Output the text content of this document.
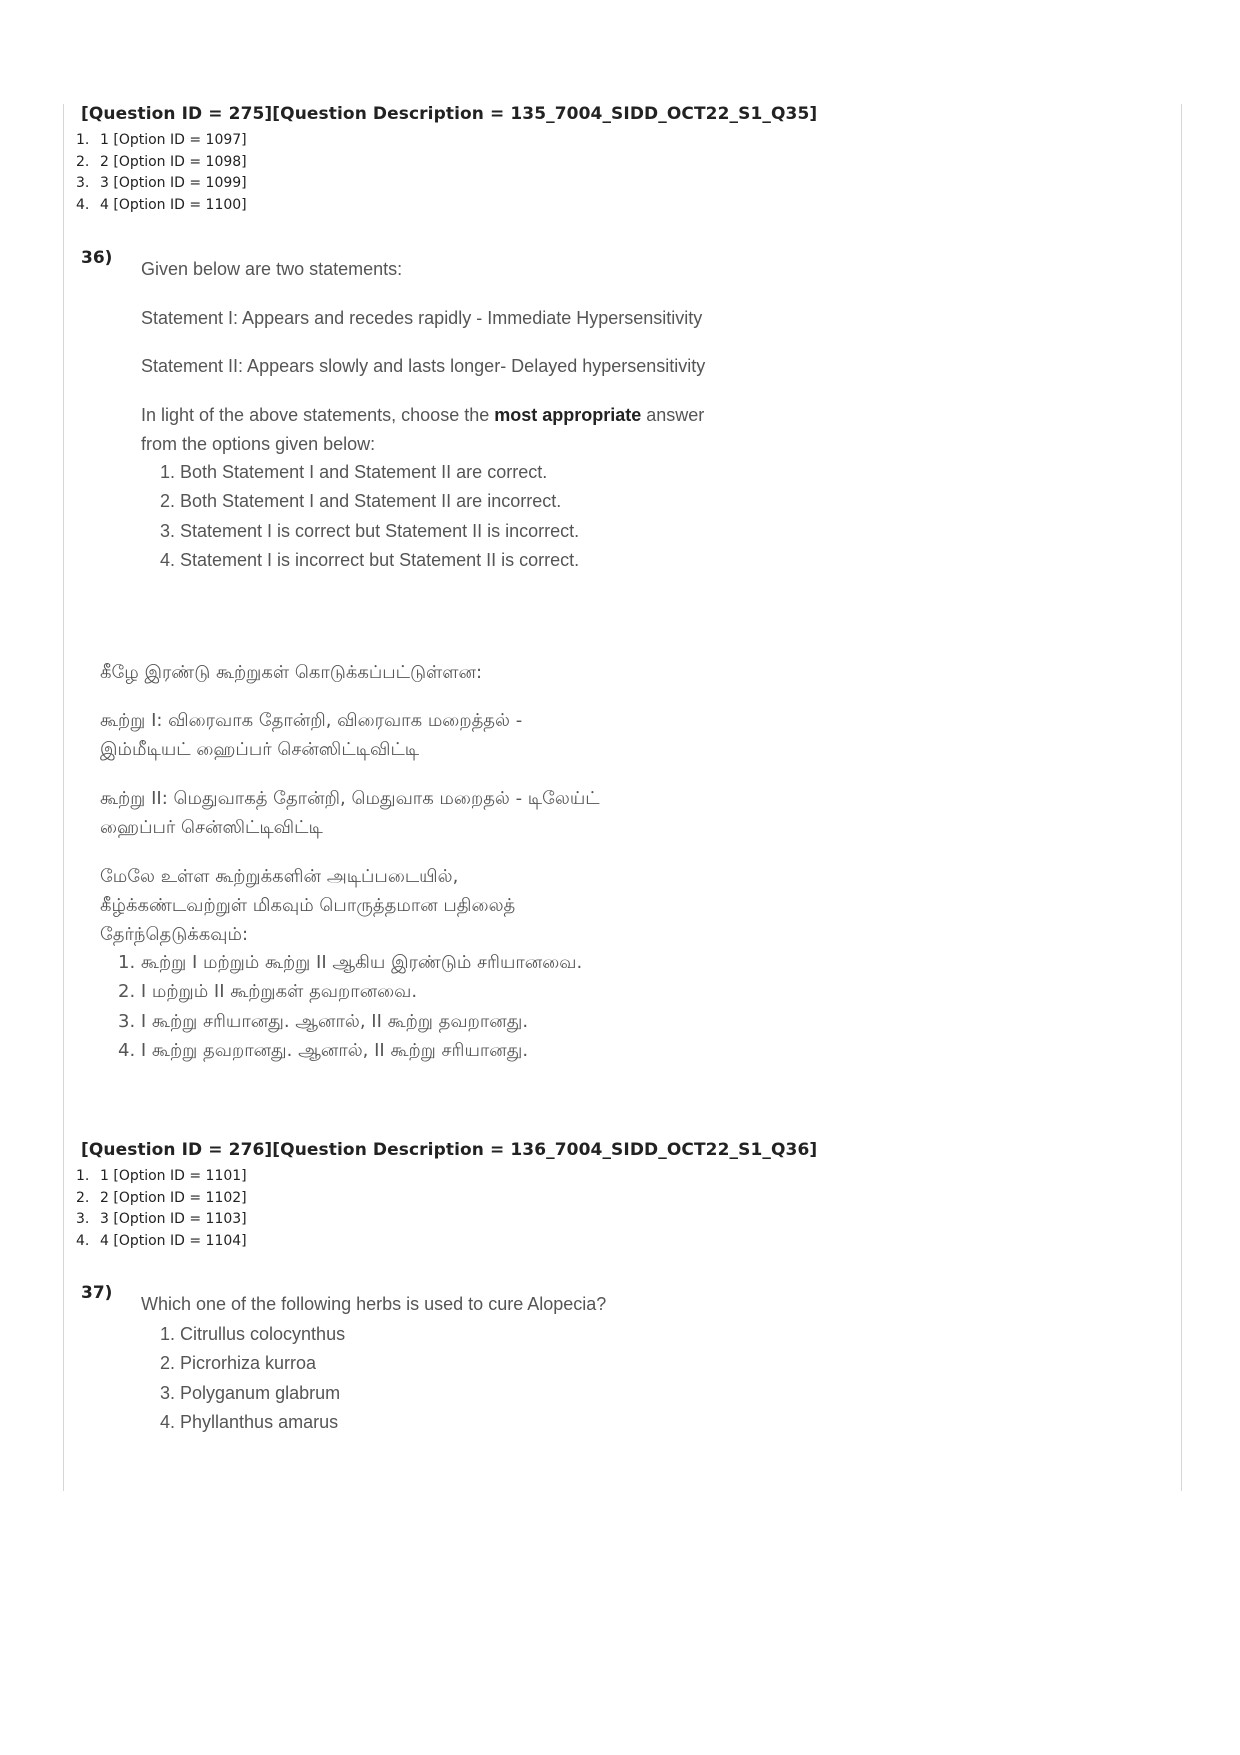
[Question ID = 275][Question Description = 135_7004_SIDD_OCT22_S1_Q35]
1. 1 [Option ID = 1097]
2. 2 [Option ID = 1098]
3. 3 [Option ID = 1099]
4. 4 [Option ID = 1100]
36)
Given below are two statements:
Statement I: Appears and recedes rapidly - Immediate Hypersensitivity
Statement II: Appears slowly and lasts longer- Delayed hypersensitivity
In light of the above statements, choose the most appropriate answer
from the options given below:
1. Both Statement I and Statement II are correct.
2. Both Statement I and Statement II are incorrect.
3. Statement I is correct but Statement II is incorrect.
4. Statement I is incorrect but Statement II is correct.
கீழே இரண்டு கூற்றுகள் கொடுக்கப்பட்டுள்ளன:
கூற்று I: விரைவாக தோன்றி, விரைவாக மறைத்தல் -
இம்மீடியட் ஹைப்பர் சென்ஸிட்டிவிட்டி
கூற்று II: மெதுவாகத் தோன்றி, மெதுவாக மறைதல் - டிலேய்ட்
ஹைப்பர் சென்ஸிட்டிவிட்டி
மேலே உள்ள கூற்றுக்களின் அடிப்படையில்,
கீழ்க்கண்டவற்றுள் மிகவும் பொருத்தமான பதிலைத்
தேர்ந்தெடுக்கவும்:
1. கூற்று I மற்றும் கூற்று II ஆகிய இரண்டும் சரியானவை.
2. I மற்றும் II கூற்றுகள் தவறானவை.
3. I கூற்று சரியானது. ஆனால், II கூற்று தவறானது.
4. I கூற்று தவறானது. ஆனால், II கூற்று சரியானது.
[Question ID = 276][Question Description = 136_7004_SIDD_OCT22_S1_Q36]
1. 1 [Option ID = 1101]
2. 2 [Option ID = 1102]
3. 3 [Option ID = 1103]
4. 4 [Option ID = 1104]
37)
Which one of the following herbs is used to cure Alopecia?
1. Citrullus colocynthus
2. Picrorhiza kurroa
3. Polyganum glabrum
4. Phyllanthus amarus
